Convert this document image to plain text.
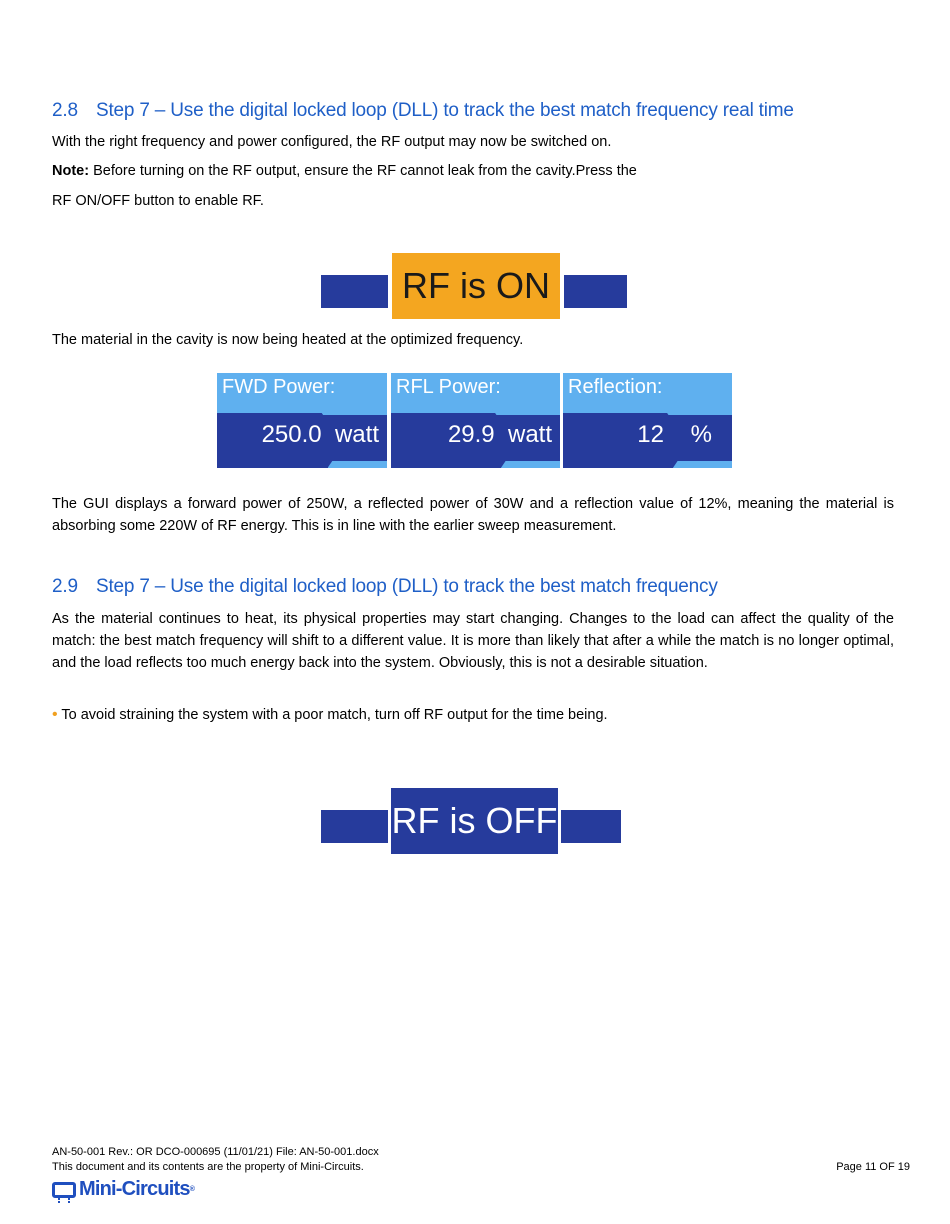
2.8 Step 7 – Use the digital locked loop (DLL) to track the best match frequency real time
With the right frequency and power configured, the RF output may now be switched on.
Note: Before turning on the RF output, ensure the RF cannot leak from the cavity.Press the
RF ON/OFF button to enable RF.
RF is ON
The material in the cavity is now being heated at the optimized frequency.
FWD Power:
250.0  watt
RFL Power:
29.9  watt
Reflection:
12    %
The GUI displays a forward power of 250W, a reflected power of 30W and a reflection value of 12%, meaning the material is absorbing some 220W of RF energy. This is in line with the earlier sweep measurement.
2.9 Step 7 – Use the digital locked loop (DLL) to track the best match frequency
As the material continues to heat, its physical properties may start changing. Changes to the load can affect the quality of the match: the best match frequency will shift to a different value. It is more than likely that after a while the match is no longer optimal, and the load reflects too much energy back into the system. Obviously, this is not a desirable situation.
• To avoid straining the system with a poor match, turn off RF output for the time being.
RF is OFF
AN-50-001 Rev.: OR DCO-000695 (11/01/21) File: AN-50-001.docx
This document and its contents are the property of Mini-Circuits.	Page 11 OF 19
Mini-Circuits ®
